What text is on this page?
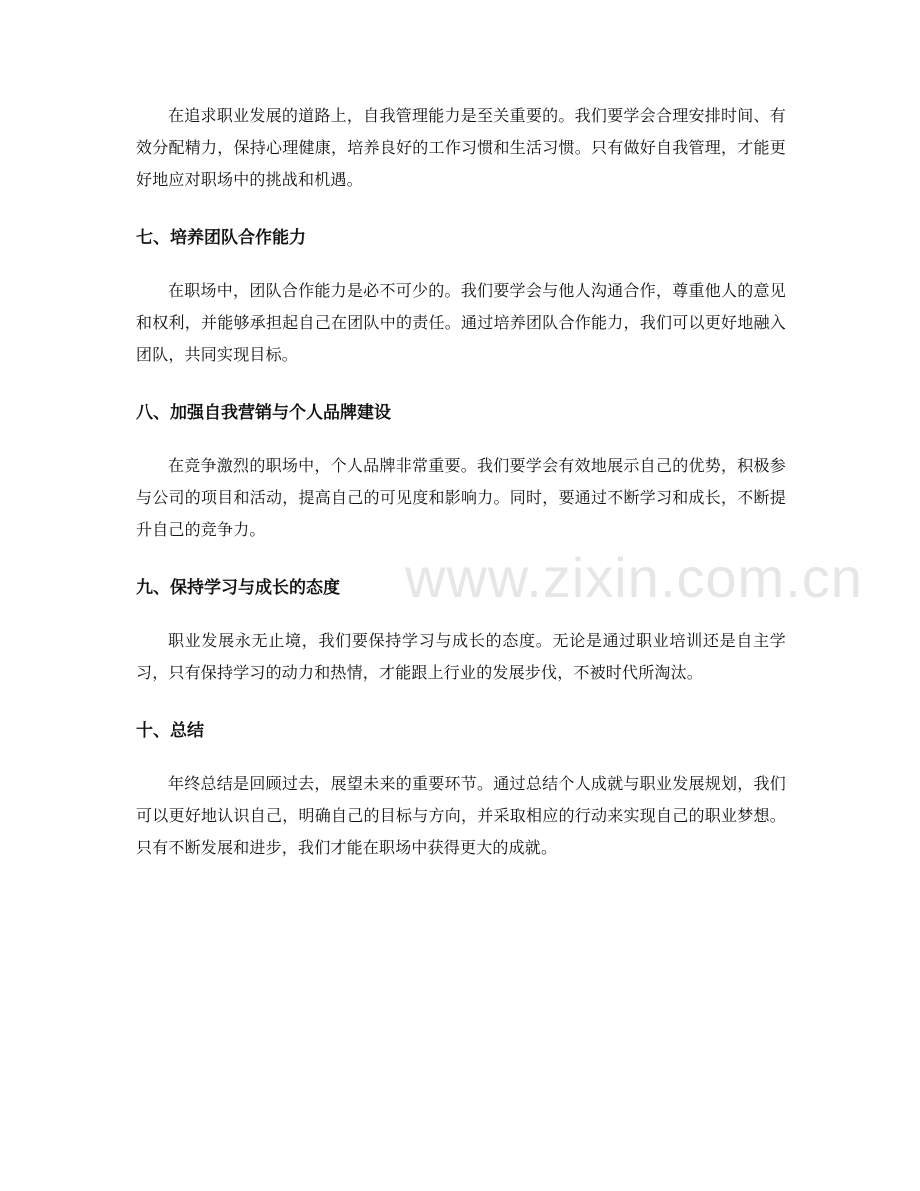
www.zixin.com.cn

在追求职业发展的道路上，自我管理能力是至关重要的。我们要学会合理安排时间、有效分配精力，保持心理健康，培养良好的工作习惯和生活习惯。只有做好自我管理，才能更好地应对职场中的挑战和机遇。

七、培养团队合作能力

在职场中，团队合作能力是必不可少的。我们要学会与他人沟通合作，尊重他人的意见和权利，并能够承担起自己在团队中的责任。通过培养团队合作能力，我们可以更好地融入团队，共同实现目标。

八、加强自我营销与个人品牌建设

在竞争激烈的职场中，个人品牌非常重要。我们要学会有效地展示自己的优势，积极参与公司的项目和活动，提高自己的可见度和影响力。同时，要通过不断学习和成长，不断提升自己的竞争力。

九、保持学习与成长的态度

职业发展永无止境，我们要保持学习与成长的态度。无论是通过职业培训还是自主学习，只有保持学习的动力和热情，才能跟上行业的发展步伐，不被时代所淘汰。

十、总结

年终总结是回顾过去，展望未来的重要环节。通过总结个人成就与职业发展规划，我们可以更好地认识自己，明确自己的目标与方向，并采取相应的行动来实现自己的职业梦想。只有不断发展和进步，我们才能在职场中获得更大的成就。
